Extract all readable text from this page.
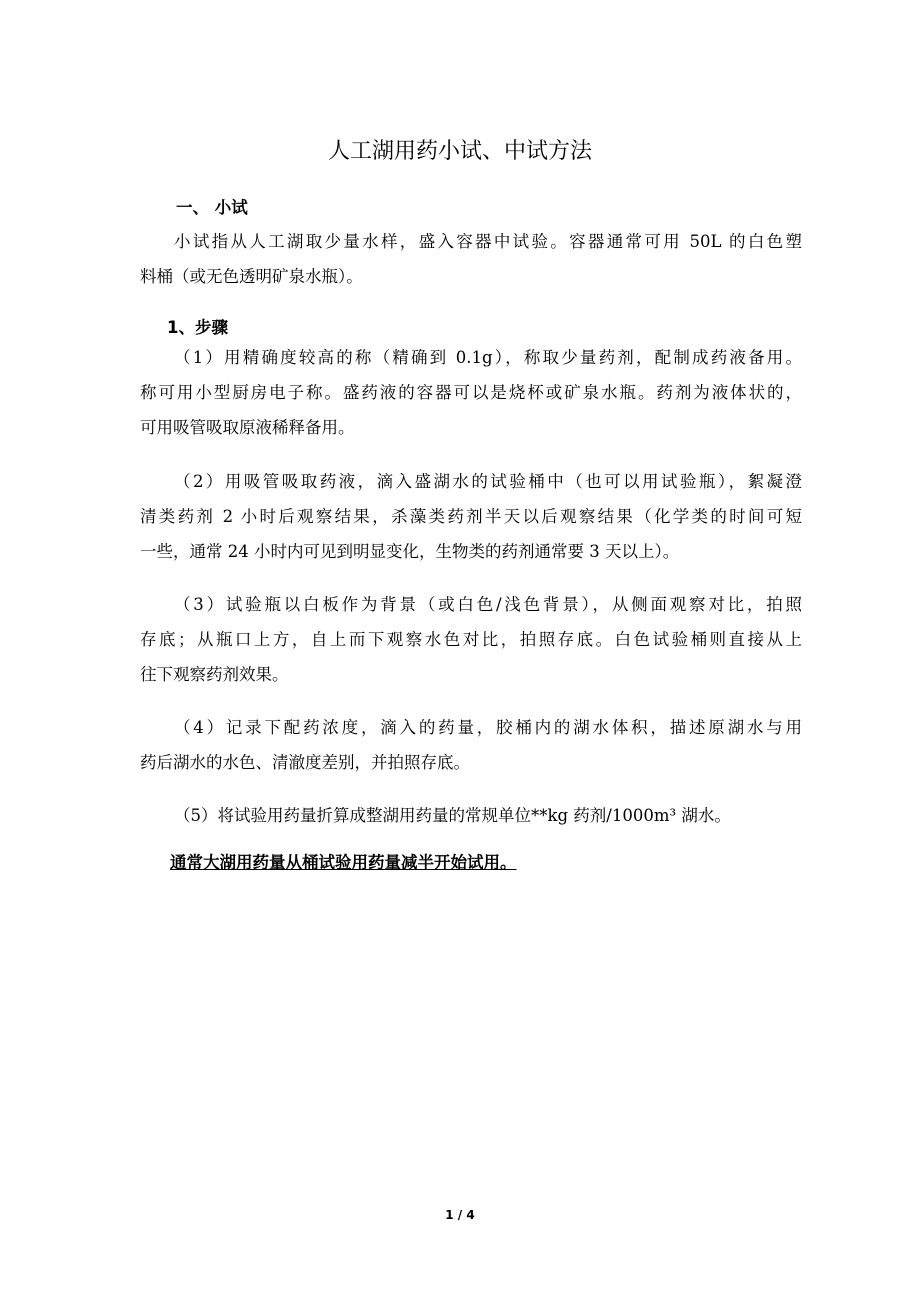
人工湖用药小试、中试方法
一、 小试
小试指从人工湖取少量水样，盛入容器中试验。容器通常可用 50L 的白色塑
料桶（或无色透明矿泉水瓶）。
1、步骤
（1）用精确度较高的称（精确到 0.1g），称取少量药剂，配制成药液备用。
称可用小型厨房电子称。盛药液的容器可以是烧杯或矿泉水瓶。药剂为液体状的，
可用吸管吸取原液稀释备用。
（2）用吸管吸取药液，滴入盛湖水的试验桶中（也可以用试验瓶），絮凝澄
清类药剂 2 小时后观察结果，杀藻类药剂半天以后观察结果（化学类的时间可短
一些，通常 24 小时内可见到明显变化，生物类的药剂通常要 3 天以上）。
（3）试验瓶以白板作为背景（或白色/浅色背景），从侧面观察对比，拍照
存底；从瓶口上方，自上而下观察水色对比，拍照存底。白色试验桶则直接从上
往下观察药剂效果。
（4）记录下配药浓度，滴入的药量，胶桶内的湖水体积，描述原湖水与用
药后湖水的水色、清澈度差别，并拍照存底。
（5）将试验用药量折算成整湖用药量的常规单位**kg 药剂/1000m³ 湖水。
通常大湖用药量从桶试验用药量减半开始试用。
1 / 4
